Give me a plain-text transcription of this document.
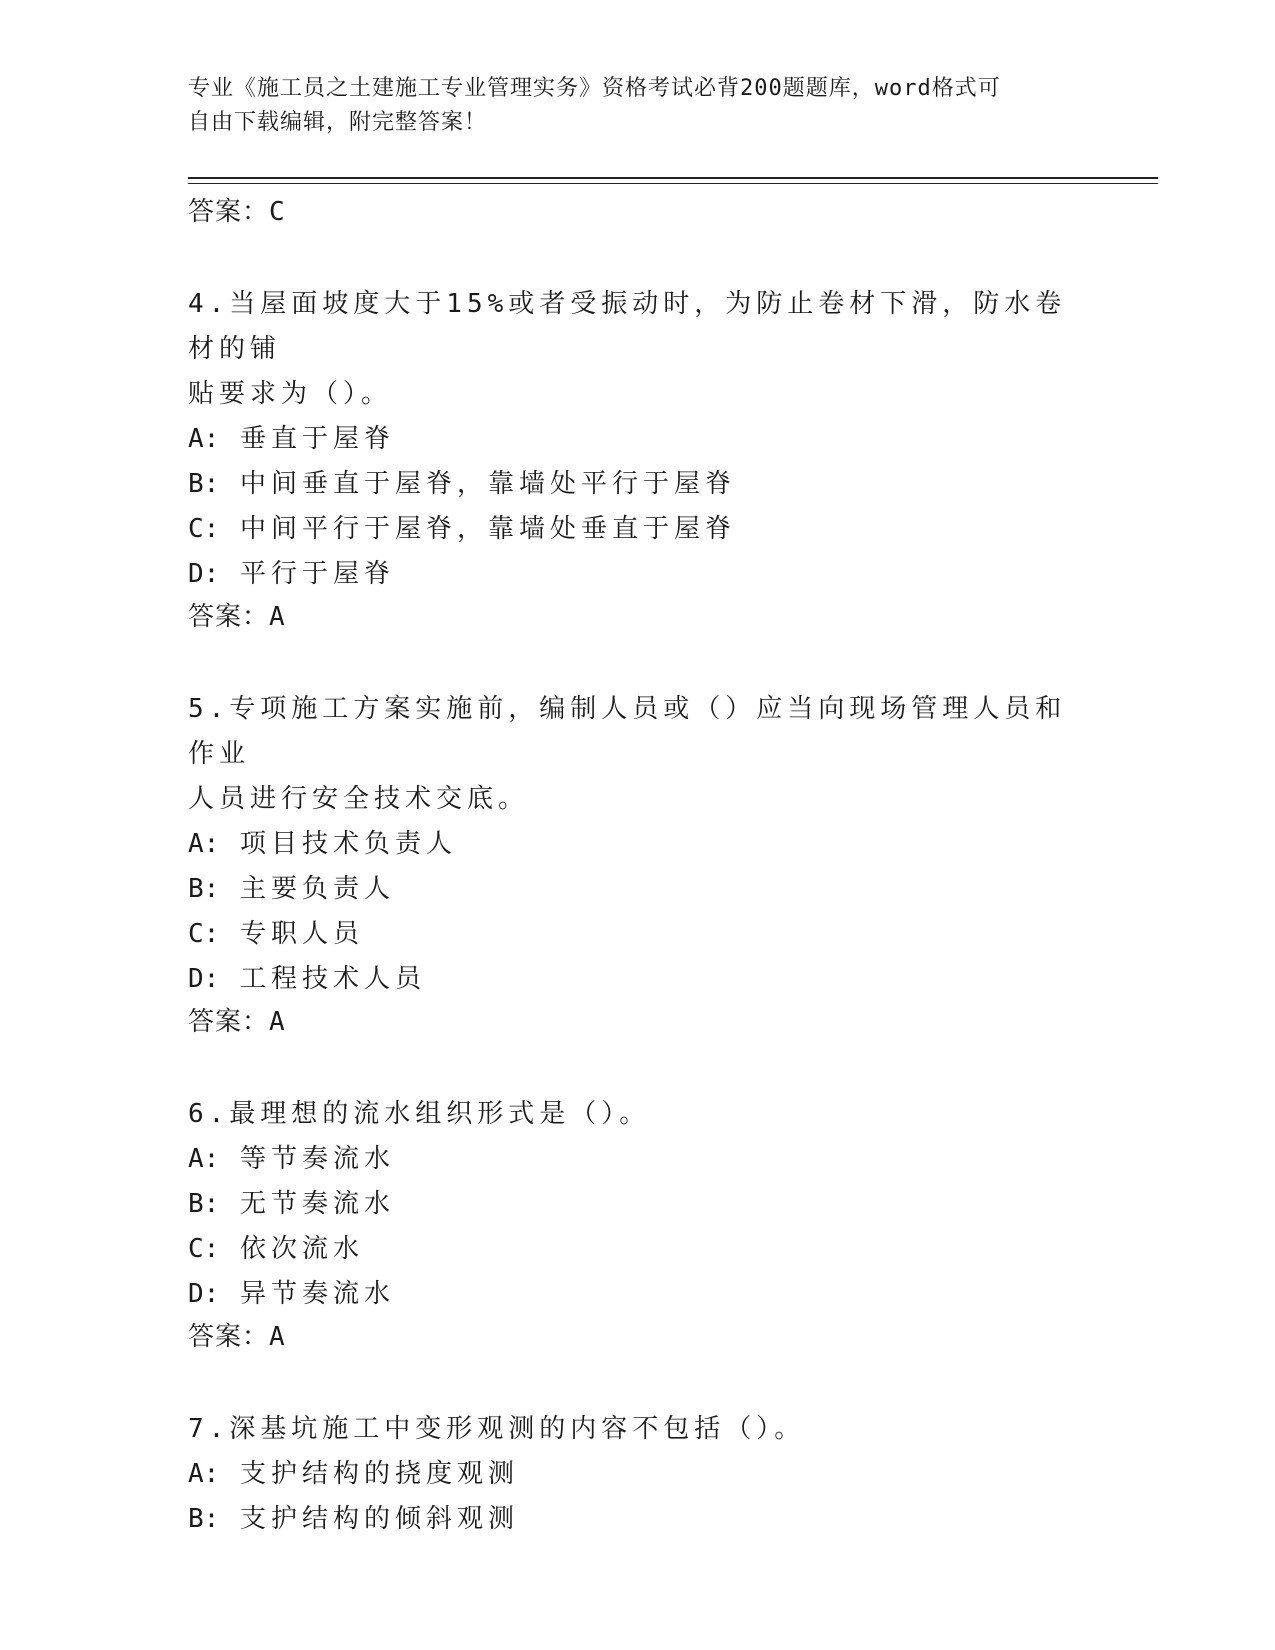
专业《施工员之土建施工专业管理实务》资格考试必背200题题库，word格式可
自由下载编辑，附完整答案！
答案：C
4.当屋面坡度大于15%或者受振动时，为防止卷材下滑，防水卷材的铺
贴要求为（）。
A: 垂直于屋脊
B: 中间垂直于屋脊，靠墙处平行于屋脊
C: 中间平行于屋脊，靠墙处垂直于屋脊
D: 平行于屋脊
答案：A
5.专项施工方案实施前，编制人员或（）应当向现场管理人员和作业
人员进行安全技术交底。
A: 项目技术负责人
B: 主要负责人
C: 专职人员
D: 工程技术人员
答案：A
6.最理想的流水组织形式是（）。
A: 等节奏流水
B: 无节奏流水
C: 依次流水
D: 异节奏流水
答案：A
7.深基坑施工中变形观测的内容不包括（）。
A: 支护结构的挠度观测
B: 支护结构的倾斜观测
